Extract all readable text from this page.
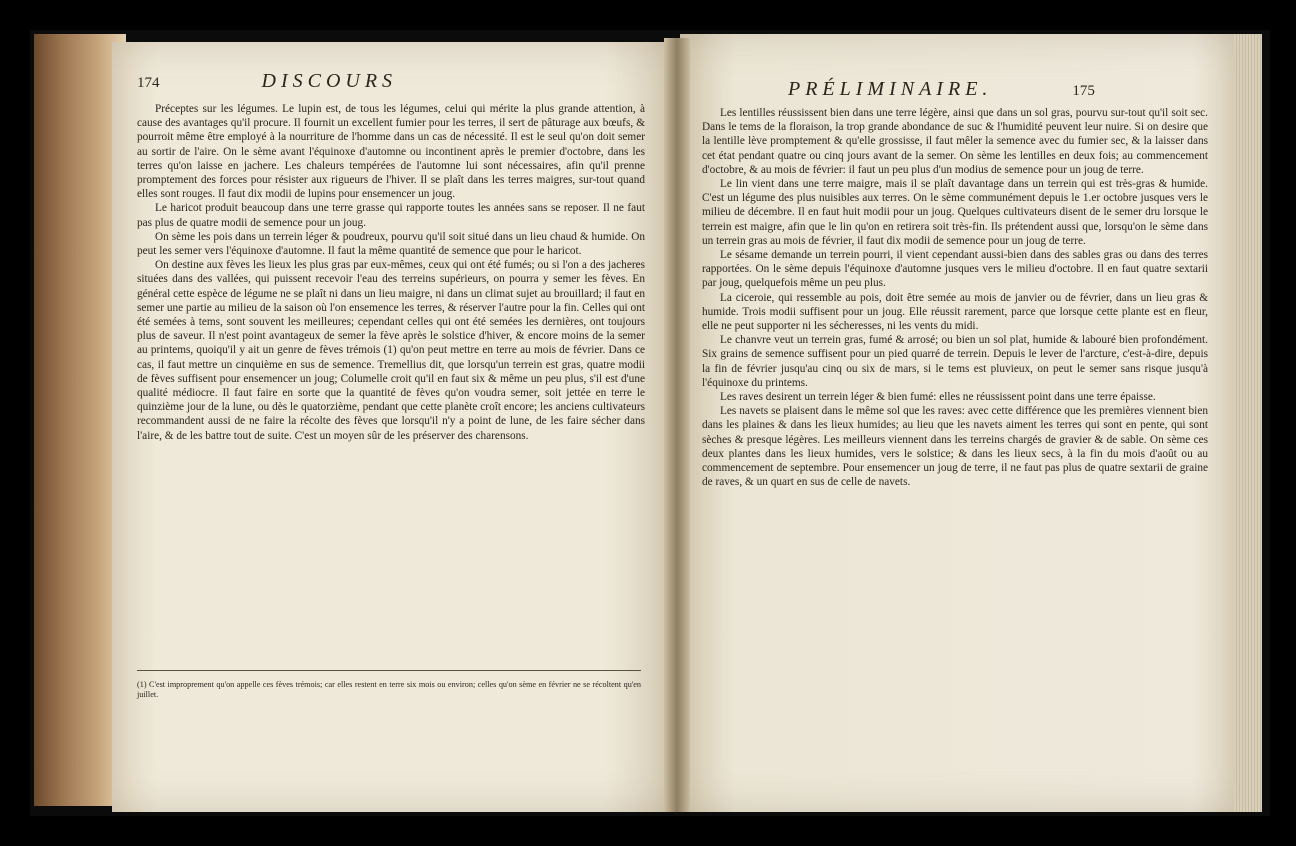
174	DISCOURS

Préceptes sur les légumes. Le lupin est, de tous les légumes, celui qui mérite la plus grande attention, à cause des avantages qu'il procure. Il fournit un excellent fumier pour les terres, il sert de pâturage aux bœufs, & pourroit même être employé à la nourriture de l'homme dans un cas de nécessité. Il est le seul qu'on doit semer au sortir de l'aire. On le sème avant l'équinoxe d'automne ou incontinent après le premier d'octobre, dans les terres qu'on laisse en jachere. Les chaleurs tempérées de l'automne lui sont nécessaires, afin qu'il prenne promptement des forces pour résister aux rigueurs de l'hiver. Il se plaît dans les terres maigres, sur-tout quand elles sont rouges. Il faut dix modii de lupins pour ensemencer un joug.

Le haricot produit beaucoup dans une terre grasse qui rapporte toutes les années sans se reposer. Il ne faut pas plus de quatre modii de semence pour un joug.

On sème les pois dans un terrein léger & poudreux, pourvu qu'il soit situé dans un lieu chaud & humide. On peut les semer vers l'équinoxe d'automne. Il faut la même quantité de semence que pour le haricot.

On destine aux fèves les lieux les plus gras par eux-mêmes, ceux qui ont été fumés; ou si l'on a des jacheres situées dans des vallées, qui puissent recevoir l'eau des terreins supérieurs, on pourra y semer les fèves. En général cette espèce de légume ne se plaît ni dans un lieu maigre, ni dans un climat sujet au brouillard; il faut en semer une partie au milieu de la saison où l'on ensemence les terres, & réserver l'autre pour la fin. Celles qui ont été semées à tems, sont souvent les meilleures; cependant celles qui ont été semées les dernières, ont toujours plus de saveur. Il n'est point avantageux de semer la fève après le solstice d'hiver, & encore moins de la semer au printems, quoiqu'il y ait un genre de fèves trémois (1) qu'on peut mettre en terre au mois de février. Dans ce cas, il faut mettre un cinquième en sus de semence. Tremellius dit, que lorsqu'un terrein est gras, quatre modii de fèves suffisent pour ensemencer un joug; Columelle croit qu'il en faut six & même un peu plus, s'il est d'une qualité médiocre. Il faut faire en sorte que la quantité de fèves qu'on voudra semer, soit jettée en terre le quinzième jour de la lune, ou dès le quatorzième, pendant que cette planète croît encore; les anciens cultivateurs recommandent aussi de ne faire la récolte des fèves que lorsqu'il n'y a point de lune, de les faire sécher dans l'aire, & de les battre tout de suite. C'est un moyen sûr de les préserver des charensons.

(1) C'est improprement qu'on appelle ces fèves trémois; car elles restent en terre six mois ou environ; celles qu'on sème en février ne se récoltent qu'en juillet.
PRÉLIMINAIRE.	175

Les lentilles réussissent bien dans une terre légère, ainsi que dans un sol gras, pourvu sur-tout qu'il soit sec. Dans le tems de la floraison, la trop grande abondance de suc & l'humidité peuvent leur nuire. Si on desire que la lentille lève promptement & qu'elle grossisse, il faut mêler la semence avec du fumier sec, & la laisser dans cet état pendant quatre ou cinq jours avant de la semer. On sème les lentilles en deux fois; au commencement d'octobre, & au mois de février: il faut un peu plus d'un modius de semence pour un joug de terre.

Le lin vient dans une terre maigre, mais il se plaît davantage dans un terrein qui est très-gras & humide. C'est un légume des plus nuisibles aux terres. On le sème communément depuis le 1.er octobre jusques vers le milieu de décembre. Il en faut huit modii pour un joug. Quelques cultivateurs disent de le semer dru lorsque le terrein est maigre, afin que le lin qu'on en retirera soit très-fin. Ils prétendent aussi que, lorsqu'on le sème dans un terrein gras au mois de février, il faut dix modii de semence pour un joug de terre.

Le sésame demande un terrein pourri, il vient cependant aussi-bien dans des sables gras ou dans des terres rapportées. On le sème depuis l'équinoxe d'automne jusques vers le milieu d'octobre. Il en faut quatre sextarii par joug, quelquefois même un peu plus.

La ciceroie, qui ressemble au pois, doit être semée au mois de janvier ou de février, dans un lieu gras & humide. Trois modii suffisent pour un joug. Elle réussit rarement, parce que lorsque cette plante est en fleur, elle ne peut supporter ni les sécheresses, ni les vents du midi.

Le chanvre veut un terrein gras, fumé & arrosé; ou bien un sol plat, humide & labouré bien profondément. Six grains de semence suffisent pour un pied quarré de terrein. Depuis le lever de l'arcture, c'est-à-dire, depuis la fin de février jusqu'au cinq ou six de mars, si le tems est pluvieux, on peut le semer sans risque jusqu'à l'équinoxe du printems.

Les raves desirent un terrein léger & bien fumé: elles ne réussissent point dans une terre épaisse.

Les navets se plaisent dans le même sol que les raves: avec cette différence que les premières viennent bien dans les plaines & dans les lieux humides; au lieu que les navets aiment les terres qui sont en pente, qui sont sèches & presque légères. Les meilleurs viennent dans les terreins chargés de gravier & de sable. On sème ces deux plantes dans les lieux humides, vers le solstice; & dans les lieux secs, à la fin du mois d'août ou au commencement de septembre. Pour ensemencer un joug de terre, il ne faut pas plus de quatre sextarii de graine de raves, & un quart en sus de celle de navets.
